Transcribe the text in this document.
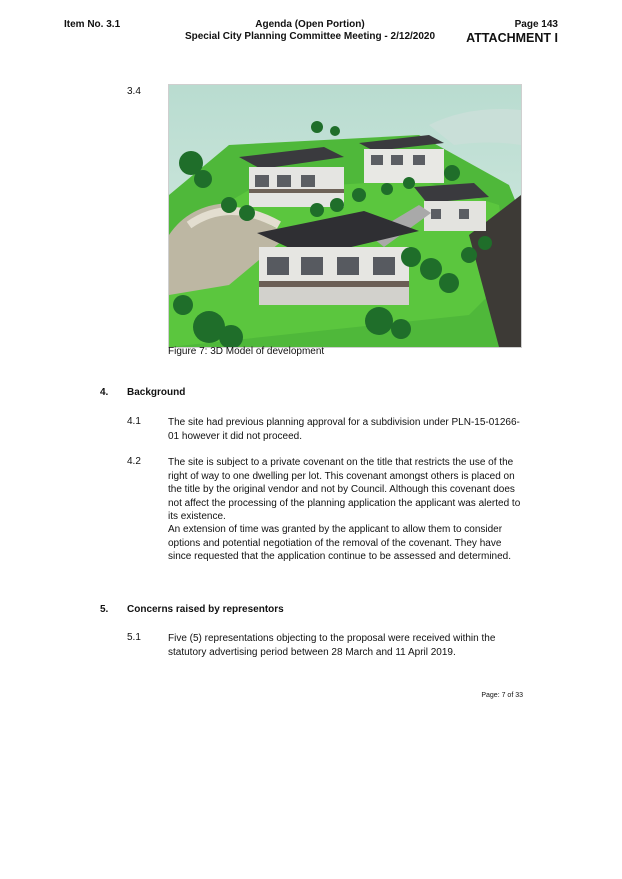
Item No. 3.1	Agenda (Open Portion)
Special City Planning Committee Meeting - 2/12/2020
Page 143
ATTACHMENT I
3.4
Figure 7: 3D Model of development
4. Background
4.1	The site had previous planning approval for a subdivision under PLN-15-01266-01 however it did not proceed.
4.2	The site is subject to a private covenant on the title that restricts the use of the right of way to one dwelling per lot. This covenant amongst others is placed on the title by the original vendor and not by Council. Although this covenant does not affect the processing of the planning application the applicant was alerted to its existence.
An extension of time was granted by the applicant to allow them to consider options and potential negotiation of the removal of the covenant. They have since requested that the application continue to be assessed and determined.
5. Concerns raised by representors
5.1	Five (5) representations objecting to the proposal were received within the statutory advertising period between 28 March and 11 April 2019.
Page: 7 of 33
